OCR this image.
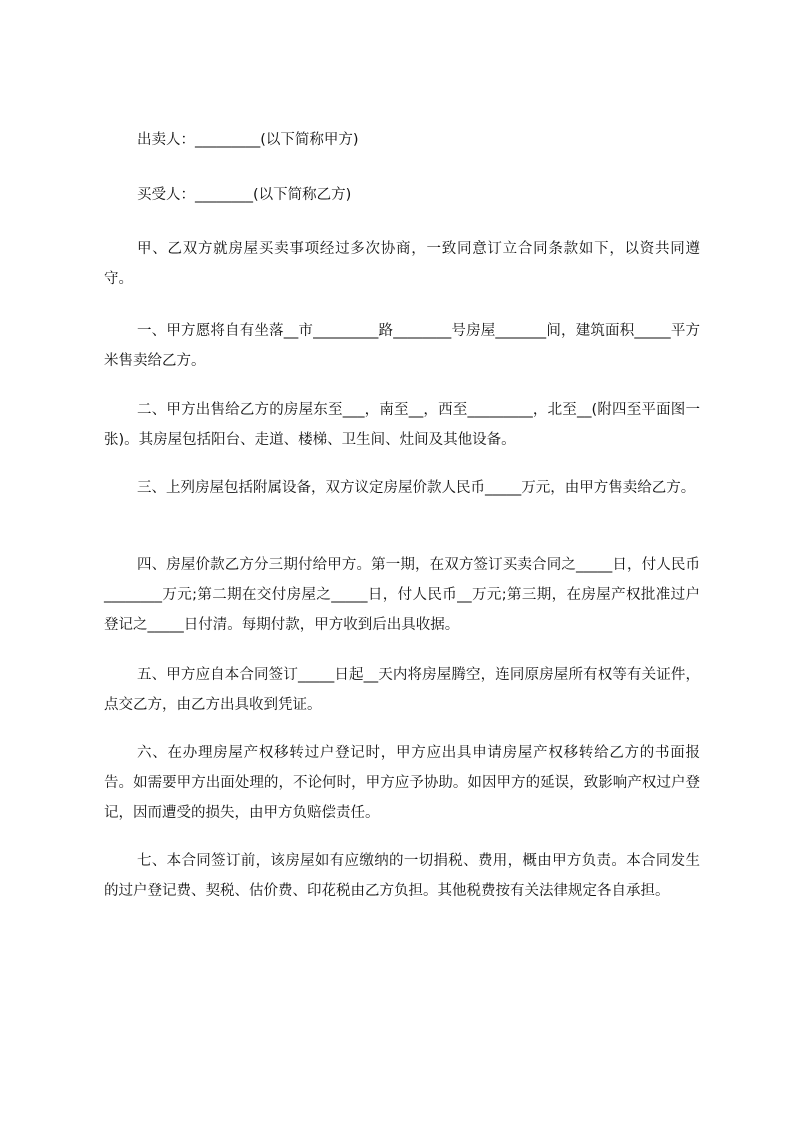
出卖人：_________(以下简称甲方)

买受人：________(以下简称乙方)

甲、乙双方就房屋买卖事项经过多次协商，一致同意订立合同条款如下，以资共同遵守。

一、甲方愿将自有坐落__市_________路________号房屋_______间，建筑面积_____平方米售卖给乙方。

二、甲方出售给乙方的房屋东至___，南至__，西至_________，北至__(附四至平面图一张)。其房屋包括阳台、走道、楼梯、卫生间、灶间及其他设备。

三、上列房屋包括附属设备，双方议定房屋价款人民币_____万元，由甲方售卖给乙方。

四、房屋价款乙方分三期付给甲方。第一期，在双方签订买卖合同之_____日，付人民币________万元;第二期在交付房屋之_____日，付人民币__万元;第三期，在房屋产权批准过户登记之_____日付清。每期付款，甲方收到后出具收据。

五、甲方应自本合同签订_____日起__天内将房屋腾空，连同原房屋所有权等有关证件，点交乙方，由乙方出具收到凭证。

六、在办理房屋产权移转过户登记时，甲方应出具申请房屋产权移转给乙方的书面报告。如需要甲方出面处理的，不论何时，甲方应予协助。如因甲方的延误，致影响产权过户登记，因而遭受的损失，由甲方负赔偿责任。

七、本合同签订前，该房屋如有应缴纳的一切捐税、费用，概由甲方负责。本合同发生的过户登记费、契税、估价费、印花税由乙方负担。其他税费按有关法律规定各自承担。
